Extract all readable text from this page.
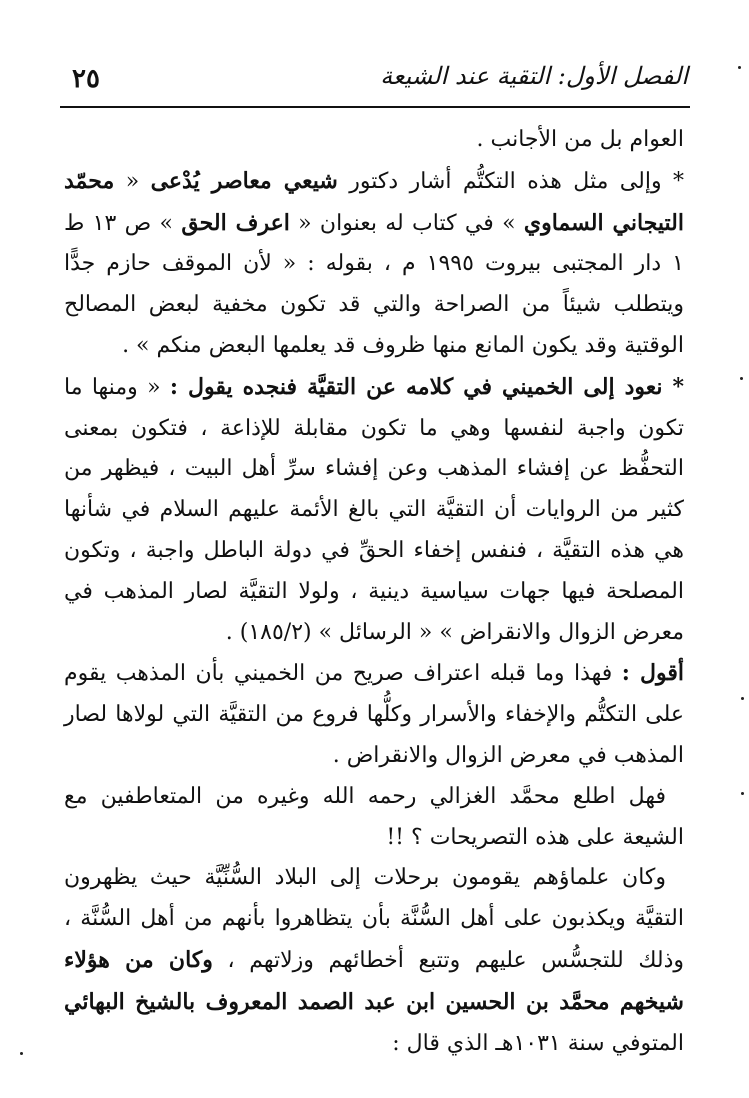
٢٥	الفصل الأول: التقية عند الشيعة

العوام بل من الأجانب .

* وإلى مثل هذه التكتُّم أشار دكتور شيعي معاصر يُدْعى « محمّد التيجاني السماوي » في كتاب له بعنوان « اعرف الحق » ص ١٣ ط ١ دار المجتبى بيروت ١٩٩٥ م ، بقوله : « لأن الموقف حازم جدًّا ويتطلب شيئاً من الصراحة والتي قد تكون مخفية لبعض المصالح الوقتية وقد يكون المانع منها ظروف قد يعلمها البعض منكم » .

* نعود إلى الخميني في كلامه عن التقيَّة فنجده يقول : « ومنها ما تكون واجبة لنفسها وهي ما تكون مقابلة للإذاعة ، فتكون بمعنى التحفُّظ عن إفشاء المذهب وعن إفشاء سرِّ أهل البيت ، فيظهر من كثير من الروايات أن التقيَّة التي بالغ الأئمة عليهم السلام في شأنها هي هذه التقيَّة ، فنفس إخفاء الحقِّ في دولة الباطل واجبة ، وتكون المصلحة فيها جهات سياسية دينية ، ولولا التقيَّة لصار المذهب في معرض الزوال والانقراض » « الرسائل » (١٨٥/٢) .

أقول : فهذا وما قبله اعتراف صريح من الخميني بأن المذهب يقوم على التكتُّم والإخفاء والأسرار وكلُّها فروع من التقيَّة التي لولاها لصار المذهب في معرض الزوال والانقراض .

فهل اطلع محمَّد الغزالي رحمه الله وغيره من المتعاطفين مع الشيعة على هذه التصريحات ؟ !!

وكان علماؤهم يقومون برحلات إلى البلاد السُّنِّيَّة حيث يظهرون التقيَّة ويكذبون على أهل السُّنَّة بأن يتظاهروا بأنهم من أهل السُّنَّة ، وذلك للتجسُّس عليهم وتتبع أخطائهم وزلاتهم ، وكان من هؤلاء شيخهم محمَّد بن الحسين ابن عبد الصمد المعروف بالشيخ البهائي المتوفي سنة ١٠٣١هـ الذي قال :
